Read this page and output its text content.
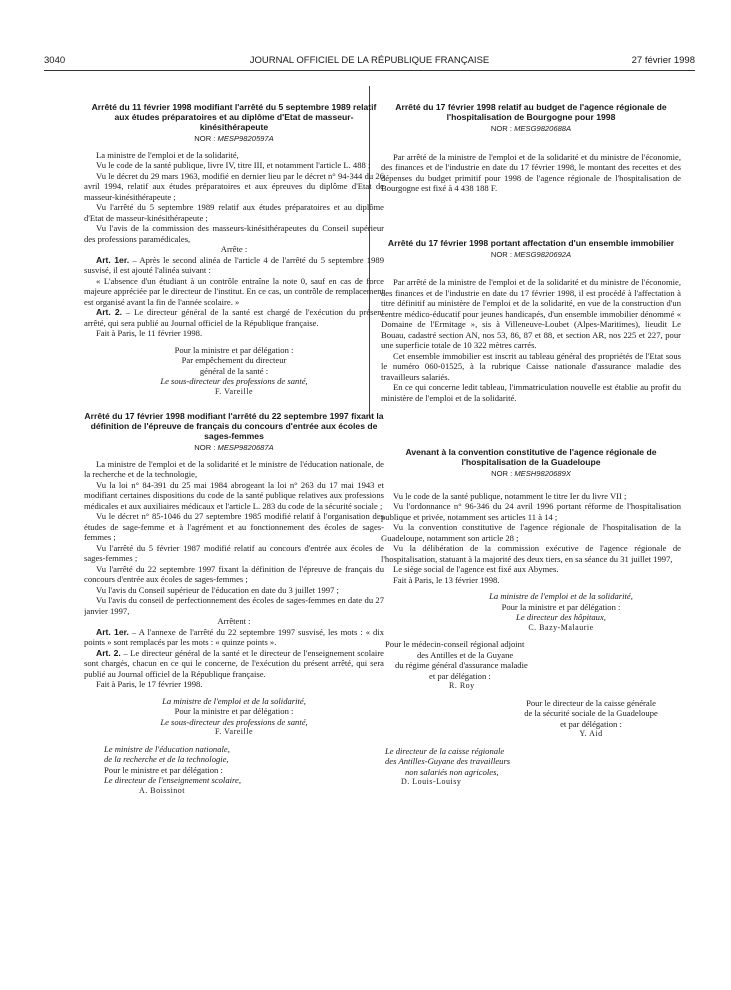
3040	JOURNAL OFFICIEL DE LA RÉPUBLIQUE FRANÇAISE	27 février 1998
Arrêté du 11 février 1998 modifiant l'arrêté du 5 septembre 1989 relatif aux études préparatoires et au diplôme d'Etat de masseur-kinésithérapeute
NOR : MESP9820597A

La ministre de l'emploi et de la solidarité,

Vu le code de la santé publique, livre IV, titre III, et notamment l'article L. 488 ;

Vu le décret du 29 mars 1963, modifié en dernier lieu par le décret n° 94-344 du 26 avril 1994, relatif aux études préparatoires et aux épreuves du diplôme d'Etat de masseur-kinésithérapeute ;

Vu l'arrêté du 5 septembre 1989 relatif aux études préparatoires et au diplôme d'Etat de masseur-kinésithérapeute ;

Vu l'avis de la commission des masseurs-kinésithérapeutes du Conseil supérieur des professions paramédicales,

Arrête :

Art. 1er. – Après le second alinéa de l'article 4 de l'arrêté du 5 septembre 1989 susvisé, il est ajouté l'alinéa suivant :

« L'absence d'un étudiant à un contrôle entraîne la note 0, sauf en cas de force majeure appréciée par le directeur de l'institut. En ce cas, un contrôle de remplacement est organisé avant la fin de l'année scolaire. »

Art. 2. – Le directeur général de la santé est chargé de l'exécution du présent arrêté, qui sera publié au Journal officiel de la République française.

Fait à Paris, le 11 février 1998.

Pour la ministre et par délégation :

Par empêchement du directeur

général de la santé :

Le sous-directeur des professions de santé,

F. Vareille

Arrêté du 17 février 1998 modifiant l'arrêté du 22 septembre 1997 fixant la définition de l'épreuve de français du concours d'entrée aux écoles de sages-femmes
NOR : MESP9820687A

La ministre de l'emploi et de la solidarité et le ministre de l'éducation nationale, de la recherche et de la technologie,

Vu la loi n° 84-391 du 25 mai 1984 abrogeant la loi n° 263 du 17 mai 1943 et modifiant certaines dispositions du code de la santé publique relatives aux professions médicales et aux auxiliaires médicaux et l'article L. 283 du code de la sécurité sociale ;

Vu le décret n° 85-1046 du 27 septembre 1985 modifié relatif à l'organisation des études de sage-femme et à l'agrément et au fonctionnement des écoles de sages-femmes ;

Vu l'arrêté du 5 février 1987 modifié relatif au concours d'entrée aux écoles de sages-femmes ;

Vu l'arrêté du 22 septembre 1997 fixant la définition de l'épreuve de français du concours d'entrée aux écoles de sages-femmes ;

Vu l'avis du Conseil supérieur de l'éducation en date du 3 juillet 1997 ;

Vu l'avis du conseil de perfectionnement des écoles de sages-femmes en date du 27 janvier 1997,

Arrêtent :

Art. 1er. – A l'annexe de l'arrêté du 22 septembre 1997 susvisé, les mots : « dix points » sont remplacés par les mots : « quinze points ».

Art. 2. – Le directeur général de la santé et le directeur de l'enseignement scolaire sont chargés, chacun en ce qui le concerne, de l'exécution du présent arrêté, qui sera publié au Journal officiel de la République française.

Fait à Paris, le 17 février 1998.

La ministre de l'emploi et de la solidarité,

Pour la ministre et par délégation :

Le sous-directeur des professions de santé,

F. Vareille

Le ministre de l'éducation nationale,

de la recherche et de la technologie,

Pour le ministre et par délégation :

Le directeur de l'enseignement scolaire,

A. Boissinot

Arrêté du 17 février 1998 relatif au budget de l'agence régionale de l'hospitalisation de Bourgogne pour 1998
NOR : MESG9820688A

Par arrêté de la ministre de l'emploi et de la solidarité et du ministre de l'économie, des finances et de l'industrie en date du 17 février 1998, le montant des recettes et des dépenses du budget primitif pour 1998 de l'agence régionale de l'hospitalisation de Bourgogne est fixé à 4 438 188 F.

Arrêté du 17 février 1998 portant affectation d'un ensemble immobilier
NOR : MESG9820692A

Par arrêté de la ministre de l'emploi et de la solidarité et du ministre de l'économie, des finances et de l'industrie en date du 17 février 1998, il est procédé à l'affectation à titre définitif au ministère de l'emploi et de la solidarité, en vue de la construction d'un centre médico-éducatif pour jeunes handicapés, d'un ensemble immobilier dénommé « Domaine de l'Ermitage », sis à Villeneuve-Loubet (Alpes-Maritimes), lieudit Le Bouau, cadastré section AN, nos 53, 86, 87 et 88, et section AR, nos 225 et 227, pour une superficie totale de 10 322 mètres carrés.

Cet ensemble immobilier est inscrit au tableau général des propriétés de l'Etat sous le numéro 060-01525, à la rubrique Caisse nationale d'assurance maladie des travailleurs salariés.

En ce qui concerne ledit tableau, l'immatriculation nouvelle est établie au profit du ministère de l'emploi et de la solidarité.

Avenant à la convention constitutive de l'agence régionale de l'hospitalisation de la Guadeloupe
NOR : MESH9820689X

Vu le code de la santé publique, notamment le titre Ier du livre VII ;

Vu l'ordonnance n° 96-346 du 24 avril 1996 portant réforme de l'hospitalisation publique et privée, notamment ses articles 11 à 14 ;

Vu la convention constitutive de l'agence régionale de l'hospitalisation de la Guadeloupe, notamment son article 28 ;

Vu la délibération de la commission exécutive de l'agence régionale de l'hospitalisation, statuant à la majorité des deux tiers, en sa séance du 31 juillet 1997,

Le siège social de l'agence est fixé aux Abymes.

Fait à Paris, le 13 février 1998.

La ministre de l'emploi et de la solidarité,

Pour la ministre et par délégation :

Le directeur des hôpitaux,

C. Bazy-Malaurie

Pour le médecin-conseil régional adjoint

des Antilles et de la Guyane

du régime général d'assurance maladie

et par délégation :

R. Roy

Pour le directeur de la caisse générale

de la sécurité sociale de la Guadeloupe

et par délégation :

Y. Aid

Le directeur de la caisse régionale

des Antilles-Guyane des travailleurs

non salariés non agricoles,

D. Louis-Louisy
